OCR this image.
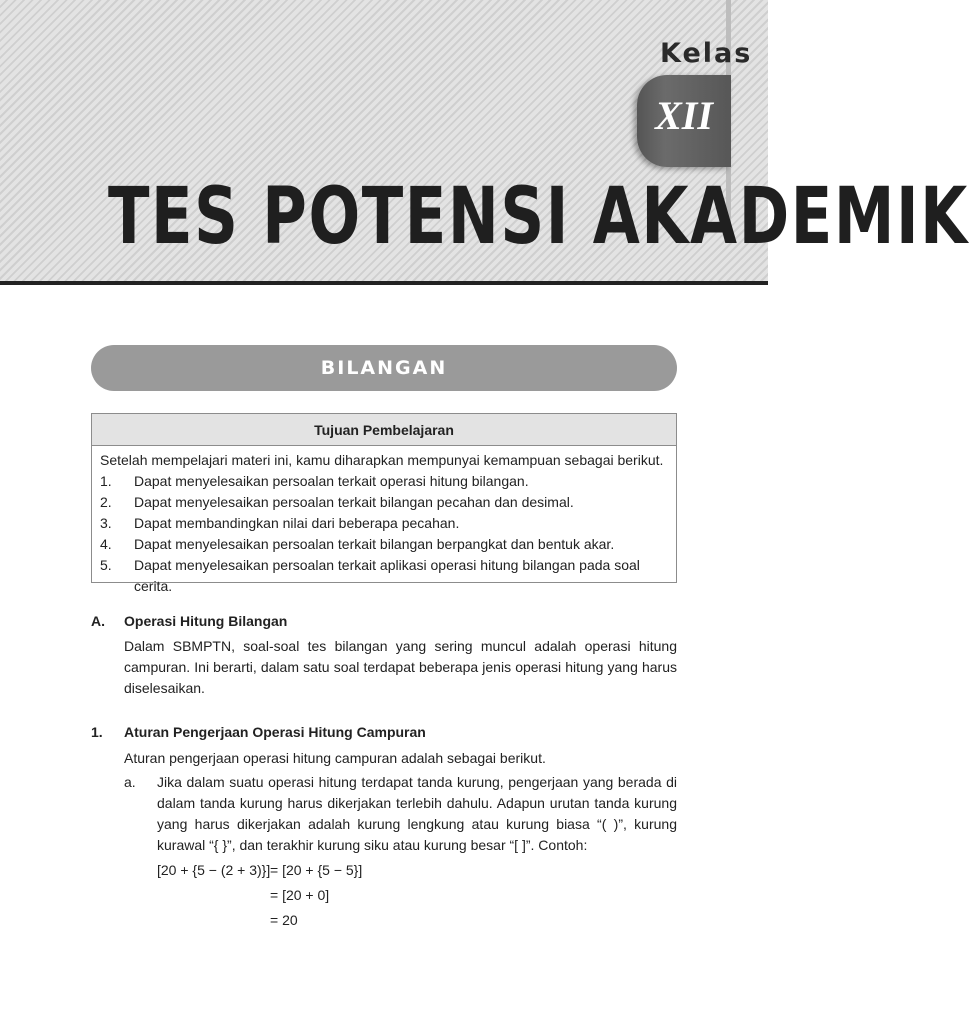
Kelas
XII
TES POTENSI AKADEMIK
BILANGAN
Tujuan Pembelajaran
Setelah mempelajari materi ini, kamu diharapkan mempunyai kemampuan sebagai berikut.
1.	Dapat menyelesaikan persoalan terkait operasi hitung bilangan.
2.	Dapat menyelesaikan persoalan terkait bilangan pecahan dan desimal.
3.	Dapat membandingkan nilai dari beberapa pecahan.
4.	Dapat menyelesaikan persoalan terkait bilangan berpangkat dan bentuk akar.
5.	Dapat menyelesaikan persoalan terkait aplikasi operasi hitung bilangan pada soal cerita.
A. Operasi Hitung Bilangan
Dalam SBMPTN, soal-soal tes bilangan yang sering muncul adalah operasi hitung campuran. Ini berarti, dalam satu soal terdapat beberapa jenis operasi hitung yang harus diselesaikan.
1. Aturan Pengerjaan Operasi Hitung Campuran
Aturan pengerjaan operasi hitung campuran adalah sebagai berikut.
a. Jika dalam suatu operasi hitung terdapat tanda kurung, pengerjaan yang berada di dalam tanda kurung harus dikerjakan terlebih dahulu. Adapun urutan tanda kurung yang harus dikerjakan adalah kurung lengkung atau kurung biasa “( )”, kurung kurawal “{ }”, dan terakhir kurung siku atau kurung besar “[ ]”. Contoh:
[20 + {5 − (2 + 3)}] = [20 + {5 − 5}]
= [20 + 0]
= 20
